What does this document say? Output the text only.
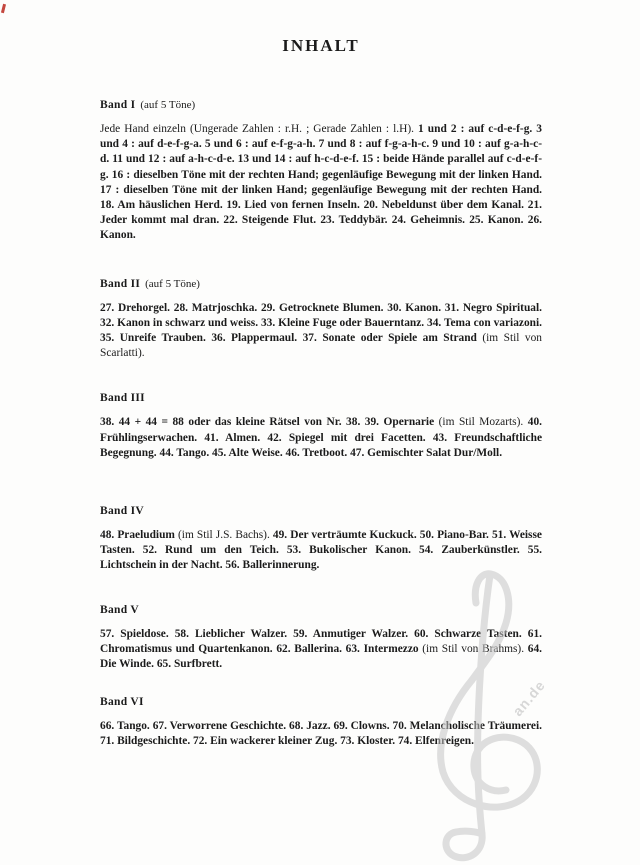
INHALT
Band I (auf 5 Töne)

Jede Hand einzeln (Ungerade Zahlen : r.H. ; Gerade Zahlen : l.H). 1 und 2 : auf c-d-e-f-g. 3 und 4 : auf d-e-f-g-a. 5 und 6 : auf e-f-g-a-h. 7 und 8 : auf f-g-a-h-c. 9 und 10 : auf g-a-h-c-d. 11 und 12 : auf a-h-c-d-e. 13 und 14 : auf h-c-d-e-f. 15 : beide Hände parallel auf c-d-e-f-g. 16 : dieselben Töne mit der rechten Hand; gegenläufige Bewegung mit der linken Hand. 17 : dieselben Töne mit der linken Hand; gegenläufige Bewegung mit der rechten Hand. 18. Am häuslichen Herd. 19. Lied von fernen Inseln. 20. Nebeldunst über dem Kanal. 21. Jeder kommt mal dran. 22. Steigende Flut. 23. Teddybär. 24. Geheimnis. 25. Kanon. 26. Kanon.

Band II (auf 5 Töne)

27. Drehorgel. 28. Matrjoschka. 29. Getrocknete Blumen. 30. Kanon. 31. Negro Spiritual. 32. Kanon in schwarz und weiss. 33. Kleine Fuge oder Bauerntanz. 34. Tema con variazoni. 35. Unreife Trauben. 36. Plappermaul. 37. Sonate oder Spiele am Strand (im Stil von Scarlatti).

Band III

38. 44 + 44 = 88 oder das kleine Rätsel von Nr. 38. 39. Opernarie (im Stil Mozarts). 40. Frühlingserwachen. 41. Almen. 42. Spiegel mit drei Facetten. 43. Freundschaftliche Begegnung. 44. Tango. 45. Alte Weise. 46. Tretboot. 47. Gemischter Salat Dur/Moll.

Band IV

48. Praeludium (im Stil J.S. Bachs). 49. Der verträumte Kuckuck. 50. Piano-Bar. 51. Weisse Tasten. 52. Rund um den Teich. 53. Bukolischer Kanon. 54. Zauberkünstler. 55. Lichtschein in der Nacht. 56. Ballerinnerung.

Band V

57. Spieldose. 58. Lieblicher Walzer. 59. Anmutiger Walzer. 60. Schwarze Tasten. 61. Chromatismus und Quartenkanon. 62. Ballerina. 63. Intermezzo (im Stil von Brahms). 64. Die Winde. 65. Surfbrett.

Band VI

66. Tango. 67. Verworrene Geschichte. 68. Jazz. 69. Clowns. 70. Melancholische Träumerei. 71. Bildgeschichte. 72. Ein wackerer kleiner Zug. 73. Kloster. 74. Elfenreigen.

an.de
